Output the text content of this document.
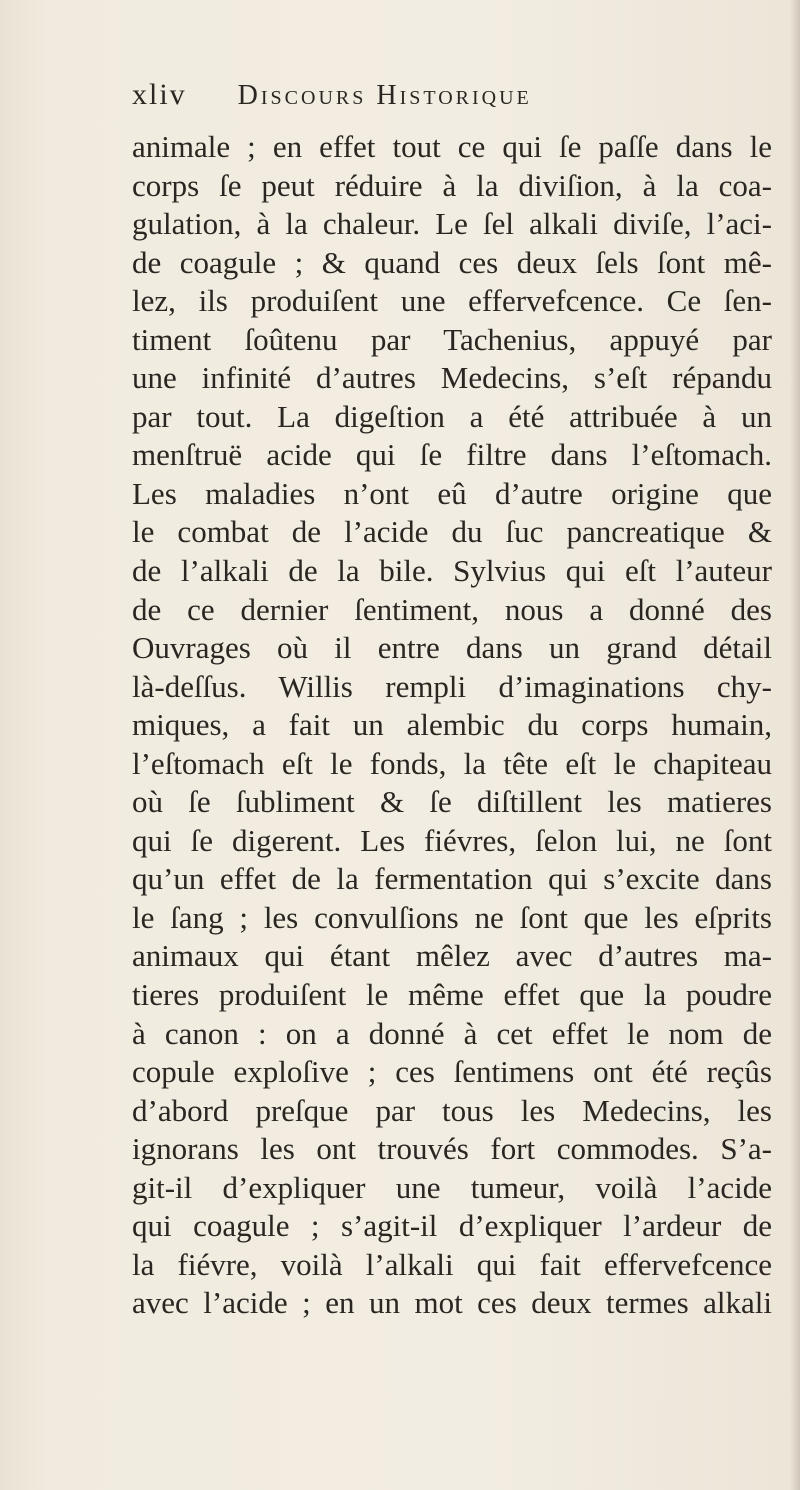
xliv Discours Historique
animale ; en effet tout ce qui ſe paſſe dans le
corps ſe peut réduire à la diviſion, à la coa-
gulation, à la chaleur. Le ſel alkali diviſe, l’aci-
de coagule ; & quand ces deux ſels ſont mê-
lez, ils produiſent une effervefcence. Ce ſen-
timent ſoûtenu par Tachenius, appuyé par
une infinité d’autres Medecins, s’eſt répandu
par tout. La digeſtion a été attribuée à un
menſtruë acide qui ſe filtre dans l’eſtomach.
Les maladies n’ont eû d’autre origine que
le combat de l’acide du ſuc pancreatique &
de l’alkali de la bile. Sylvius qui eſt l’auteur
de ce dernier ſentiment, nous a donné des
Ouvrages où il entre dans un grand détail
là-deſſus. Willis rempli d’imaginations chy-
miques, a fait un alembic du corps humain,
l’eſtomach eſt le fonds, la tête eſt le chapiteau
où ſe ſubliment & ſe diſtillent les matieres
qui ſe digerent. Les fiévres, ſelon lui, ne ſont
qu’un effet de la fermentation qui s’excite dans
le ſang ; les convulſions ne ſont que les eſprits
animaux qui étant mêlez avec d’autres ma-
tieres produiſent le même effet que la poudre
à canon : on a donné à cet effet le nom de
copule exploſive ; ces ſentimens ont été reçûs
d’abord preſque par tous les Medecins, les
ignorans les ont trouvés fort commodes. S’a-
git-il d’expliquer une tumeur, voilà l’acide
qui coagule ; s’agit-il d’expliquer l’ardeur de
la fiévre, voilà l’alkali qui fait effervefcence
avec l’acide ; en un mot ces deux termes alkali
